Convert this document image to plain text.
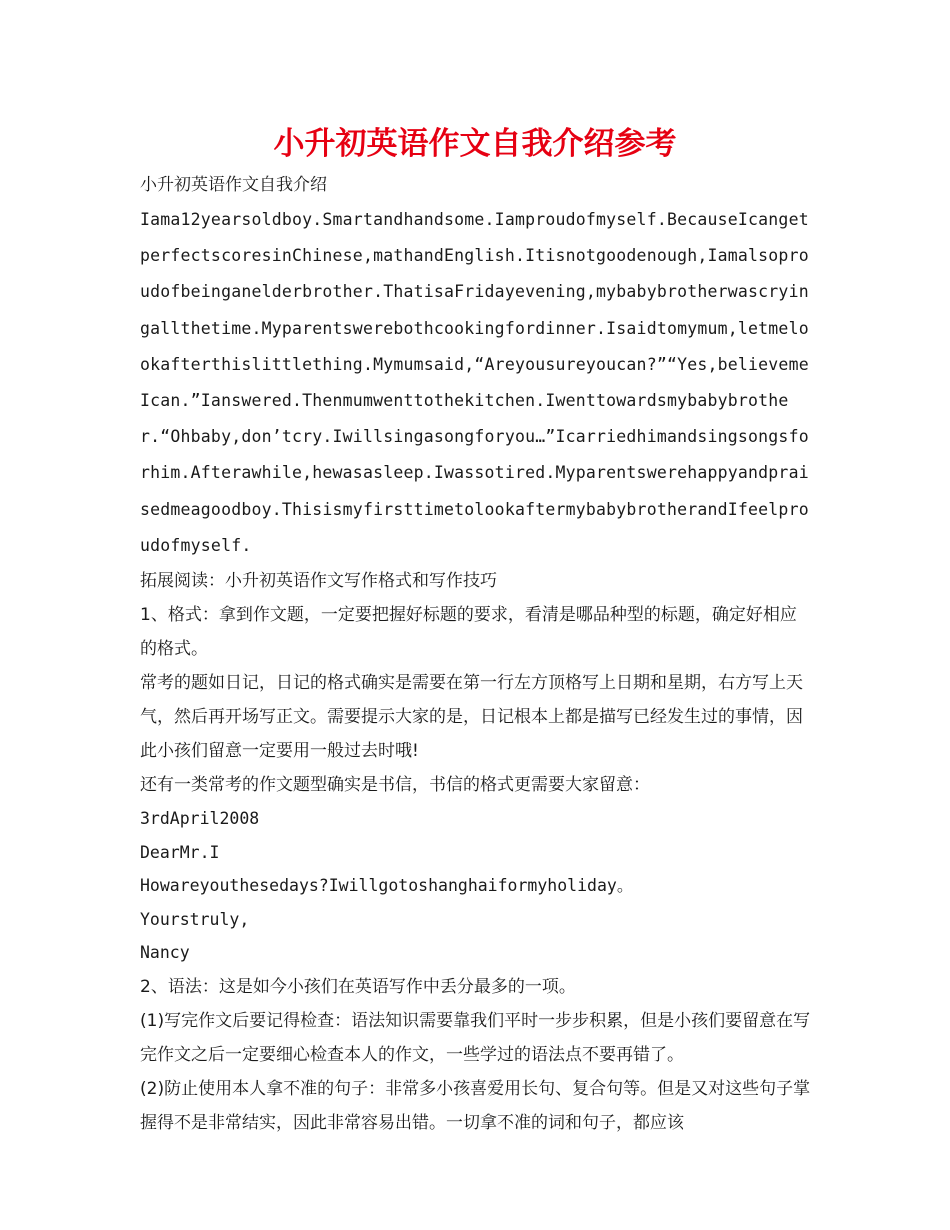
小升初英语作文自我介绍参考

小升初英语作文自我介绍

Iama12yearsoldboy.Smartandhandsome.Iamproudofmyself.BecauseIcangetperfectscoresinChinese,mathandEnglish.Itisnotgoodenough,Iamalsoproudofbeinganelderbrother.ThatisaFridayevening,mybabybrotherwascryingallthetime.Myparentswerebothcookingfordinner.Isaidtomymum,letmelookafterthislittlething.Mymumsaid,“Areyousureyoucan?”“Yes,believemeIcan.”Ianswered.Thenmumwenttothekitchen.Iwenttowardsmybabybrother.“Ohbaby,don’tcry.Iwillsingasongforyou…”Icarriedhimandsingsongsforhim.Afterawhile,hewasasleep.Iwassotired.Myparentswerehappyandpraisedmeagoodboy.ThisismyfirsttimetolookaftermybabybrotherandIfeelproudofmyself.

拓展阅读：小升初英语作文写作格式和写作技巧

1、格式：拿到作文题，一定要把握好标题的要求，看清是哪品种型的标题，确定好相应的格式。

常考的题如日记，日记的格式确实是需要在第一行左方顶格写上日期和星期，右方写上天气，然后再开场写正文。需要提示大家的是，日记根本上都是描写已经发生过的事情，因此小孩们留意一定要用一般过去时哦!

还有一类常考的作文题型确实是书信，书信的格式更需要大家留意：

3rdApril2008

DearMr.I

Howareyouthesedays?Iwillgotoshanghaiformyholiday。

Yourstruly,

Nancy

2、语法：这是如今小孩们在英语写作中丢分最多的一项。

(1)写完作文后要记得检查：语法知识需要靠我们平时一步步积累，但是小孩们要留意在写完作文之后一定要细心检查本人的作文，一些学过的语法点不要再错了。

(2)防止使用本人拿不准的句子：非常多小孩喜爱用长句、复合句等。但是又对这些句子掌握得不是非常结实，因此非常容易出错。一切拿不准的词和句子，都应该
